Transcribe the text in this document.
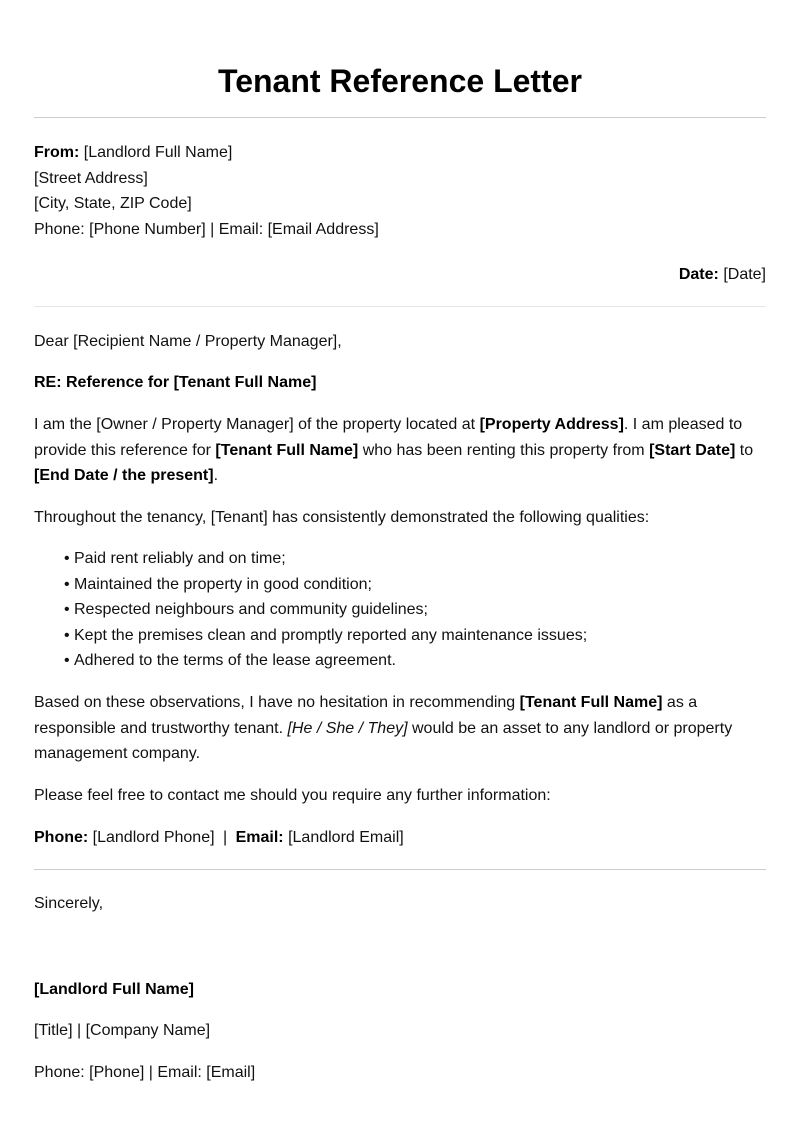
Tenant Reference Letter
From: [Landlord Full Name]
[Street Address]
[City, State, ZIP Code]
Phone: [Phone Number] | Email: [Email Address]
Date: [Date]
Dear [Recipient Name / Property Manager],
RE: Reference for [Tenant Full Name]
I am the [Owner / Property Manager] of the property located at [Property Address]. I am pleased to provide this reference for [Tenant Full Name] who has been renting this property from [Start Date] to [End Date / the present].
Throughout the tenancy, [Tenant] has consistently demonstrated the following qualities:
• Paid rent reliably and on time;
• Maintained the property in good condition;
• Respected neighbours and community guidelines;
• Kept the premises clean and promptly reported any maintenance issues;
• Adhered to the terms of the lease agreement.
Based on these observations, I have no hesitation in recommending [Tenant Full Name] as a responsible and trustworthy tenant. [He / She / They] would be an asset to any landlord or property management company.
Please feel free to contact me should you require any further information:
Phone: [Landlord Phone] | Email: [Landlord Email]
Sincerely,
[Landlord Full Name]
[Title] | [Company Name]
Phone: [Phone] | Email: [Email]
